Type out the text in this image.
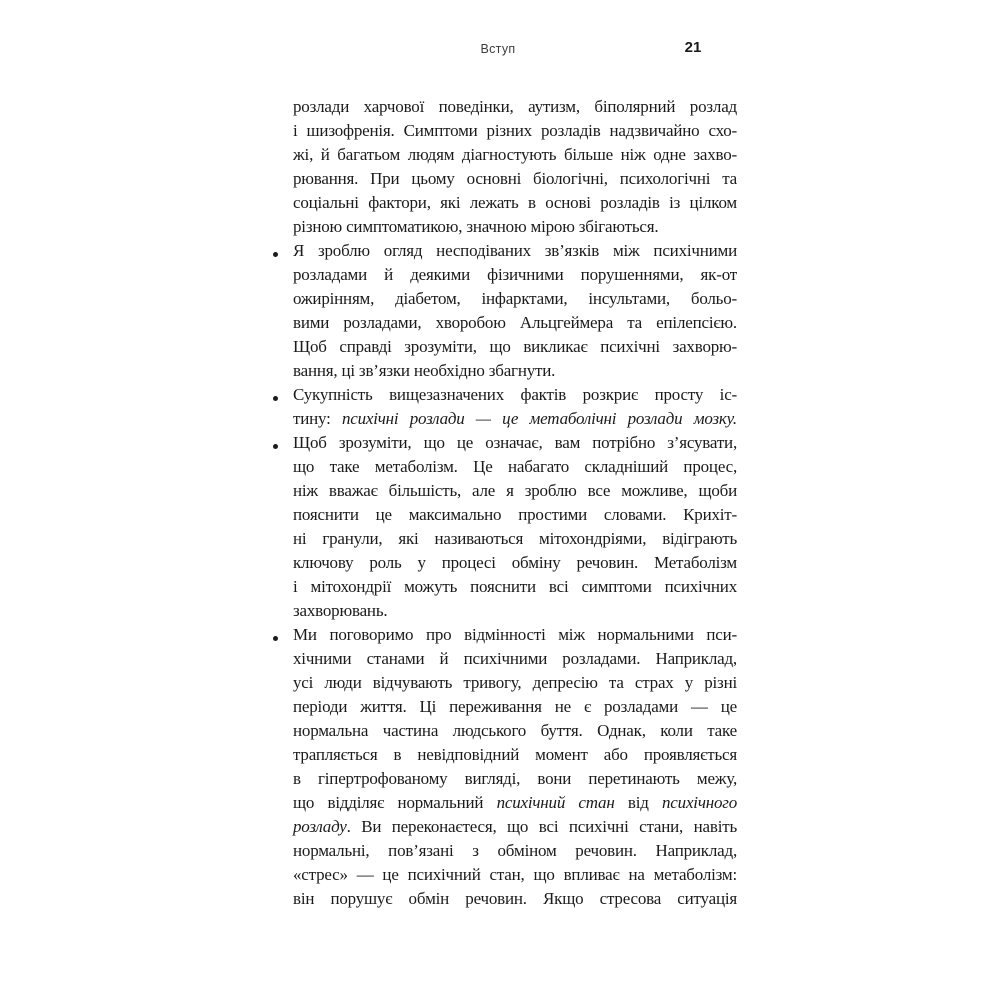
Вступ	21
розлади харчової поведінки, аутизм, біполярний розлад
і шизофренія. Симптоми різних розладів надзвичайно схо-
жі, й багатьом людям діагностують більше ніж одне захво-
рювання. При цьому основні біологічні, психологічні та
соціальні фактори, які лежать в основі розладів із цілком
різною симптоматикою, значною мірою збігаються.
Я зроблю огляд несподіваних зв’язків між психічними
розладами й деякими фізичними порушеннями, як-от
ожирінням, діабетом, інфарктами, інсультами, больо-
вими розладами, хворобою Альцгеймера та епілепсією.
Щоб справді зрозуміти, що викликає психічні захворю-
вання, ці зв’язки необхідно збагнути.
Сукупність вищезазначених фактів розкриє просту іс-
тину: психічні розлади — це метаболічні розлади мозку.
Щоб зрозуміти, що це означає, вам потрібно з’ясувати,
що таке метаболізм. Це набагато складніший процес,
ніж вважає більшість, але я зроблю все можливе, щоби
пояснити це максимально простими словами. Крихіт-
ні гранули, які називаються мітохондріями, відіграють
ключову роль у процесі обміну речовин. Метаболізм
і мітохондрії можуть пояснити всі симптоми психічних
захворювань.
Ми поговоримо про відмінності між нормальними пси-
хічними станами й психічними розладами. Наприклад,
усі люди відчувають тривогу, депресію та страх у різні
періоди життя. Ці переживання не є розладами — це
нормальна частина людського буття. Однак, коли таке
трапляється в невідповідний момент або проявляється
в гіпертрофованому вигляді, вони перетинають межу,
що відділяє нормальний психічний стан від психічного
розладу. Ви переконаєтеся, що всі психічні стани, навіть
нормальні, пов’язані з обміном речовин. Наприклад,
«стрес» — це психічний стан, що впливає на метаболізм:
він порушує обмін речовин. Якщо стресова ситуація
